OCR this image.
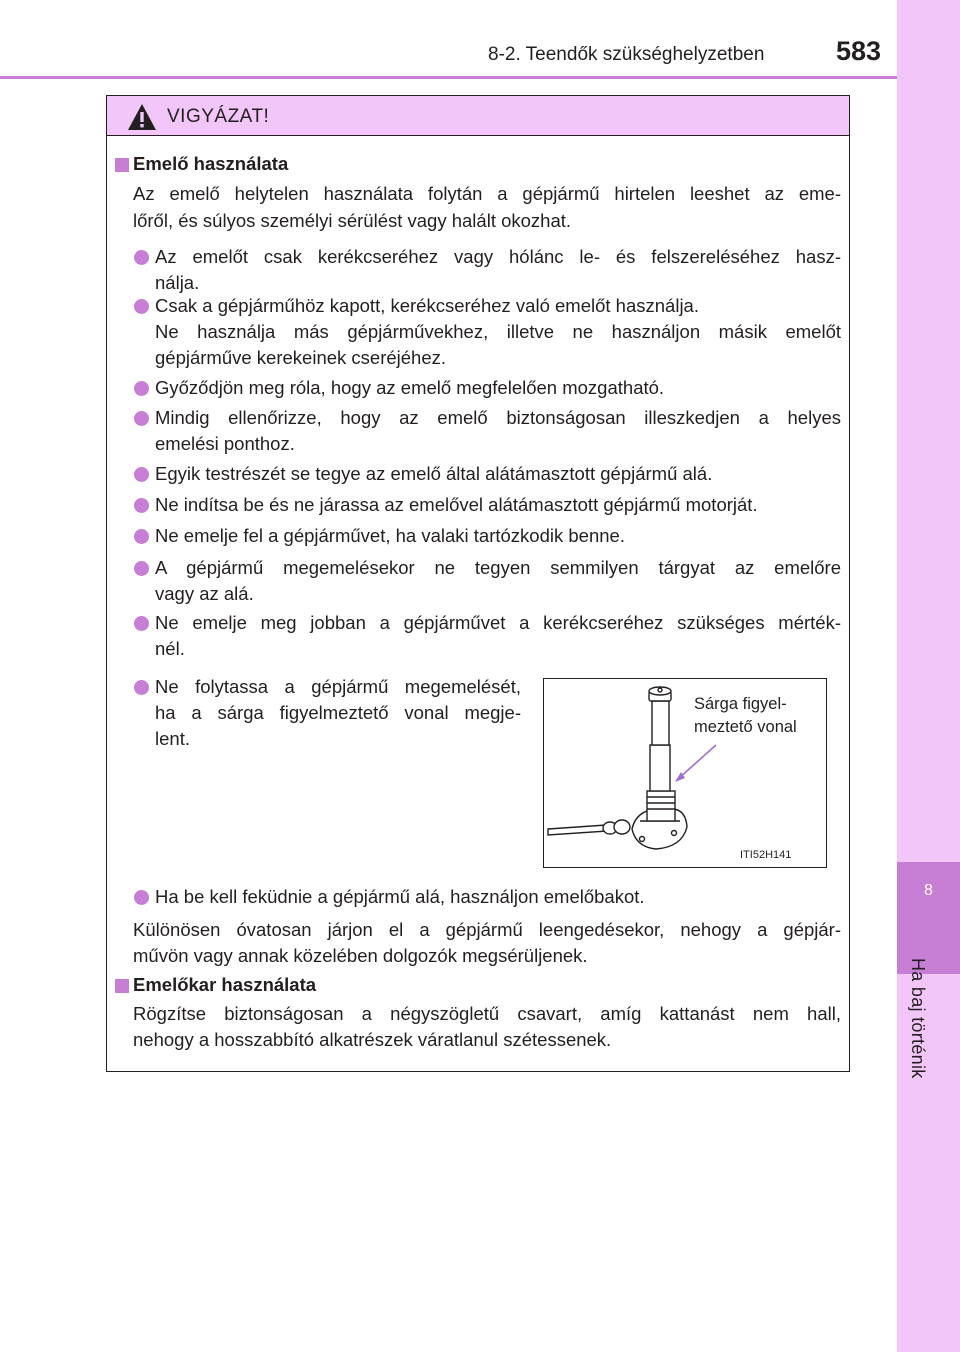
8-2. Teendők szükséghelyzetben	583
8
Ha baj történik
VIGYÁZAT!
Emelő használata
Az emelő helytelen használata folytán a gépjármű hirtelen leeshet az eme-
lőről, és súlyos személyi sérülést vagy halált okozhat.
Az emelőt csak kerékcseréhez vagy hólánc le- és felszereléséhez hasz-
nálja.
Csak a gépjárműhöz kapott, kerékcseréhez való emelőt használja.
Ne használja más gépjárművekhez, illetve ne használjon másik emelőt
gépjárműve kerekeinek cseréjéhez.
Győződjön meg róla, hogy az emelő megfelelően mozgatható.
Mindig ellenőrizze, hogy az emelő biztonságosan illeszkedjen a helyes
emelési ponthoz.
Egyik testrészét se tegye az emelő által alátámasztott gépjármű alá.
Ne indítsa be és ne járassa az emelővel alátámasztott gépjármű motorját.
Ne emelje fel a gépjárművet, ha valaki tartózkodik benne.
A gépjármű megemelésekor ne tegyen semmilyen tárgyat az emelőre
vagy az alá.
Ne emelje meg jobban a gépjárművet a kerékcseréhez szükséges mérték-
nél.
Ne folytassa a gépjármű megemelését,
ha a sárga figyelmeztető vonal megje-
lent.
Ha be kell feküdnie a gépjármű alá, használjon emelőbakot.
Különösen óvatosan járjon el a gépjármű leengedésekor, nehogy a gépjár-
művön vagy annak közelében dolgozók megsérüljenek.
Emelőkar használata
Rögzítse biztonságosan a négyszögletű csavart, amíg kattanást nem hall,
nehogy a hosszabbító alkatrészek váratlanul szétessenek.
Sárga figyel-
meztető vonal
ITI52H141
